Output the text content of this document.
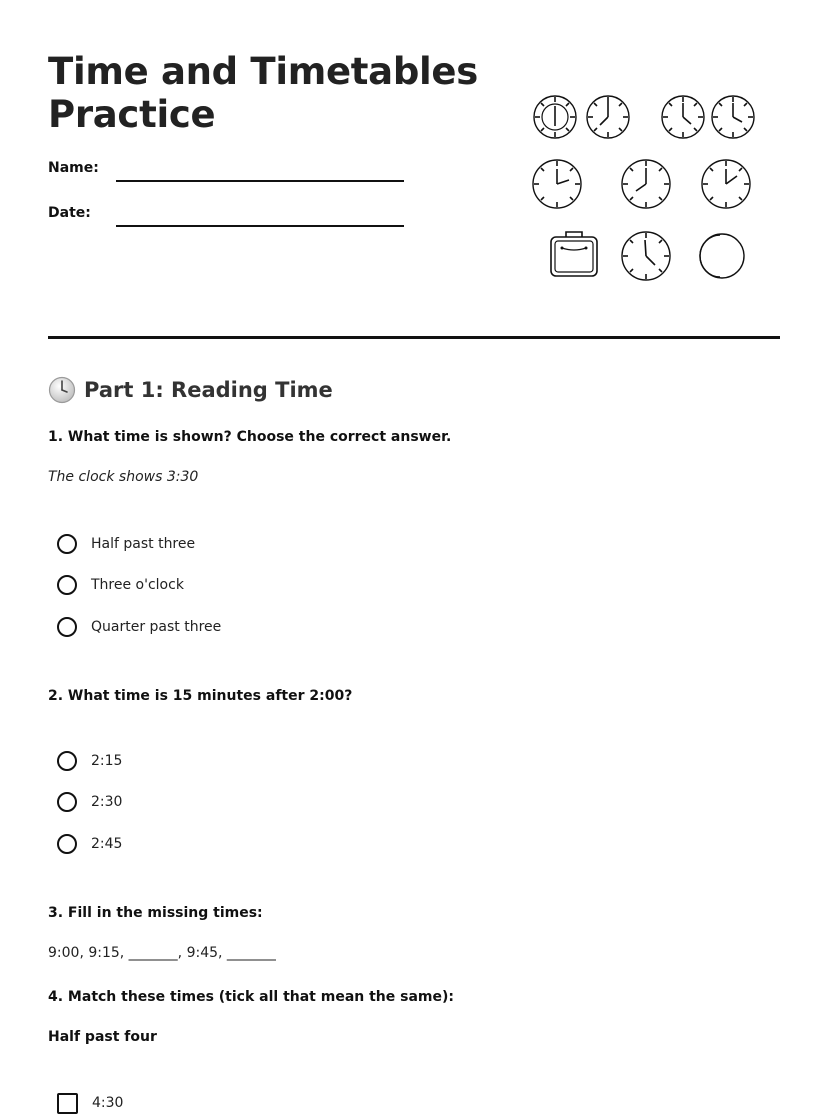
Time and Timetables
Practice
Name:
Date:
Part 1: Reading Time
1. What time is shown? Choose the correct answer.
The clock shows 3:30
Half past three
Three o'clock
Quarter past three
2. What time is 15 minutes after 2:00?
2:15
2:30
2:45
3. Fill in the missing times:
9:00, 9:15, _______, 9:45, _______
4. Match these times (tick all that mean the same):
Half past four
4:30
